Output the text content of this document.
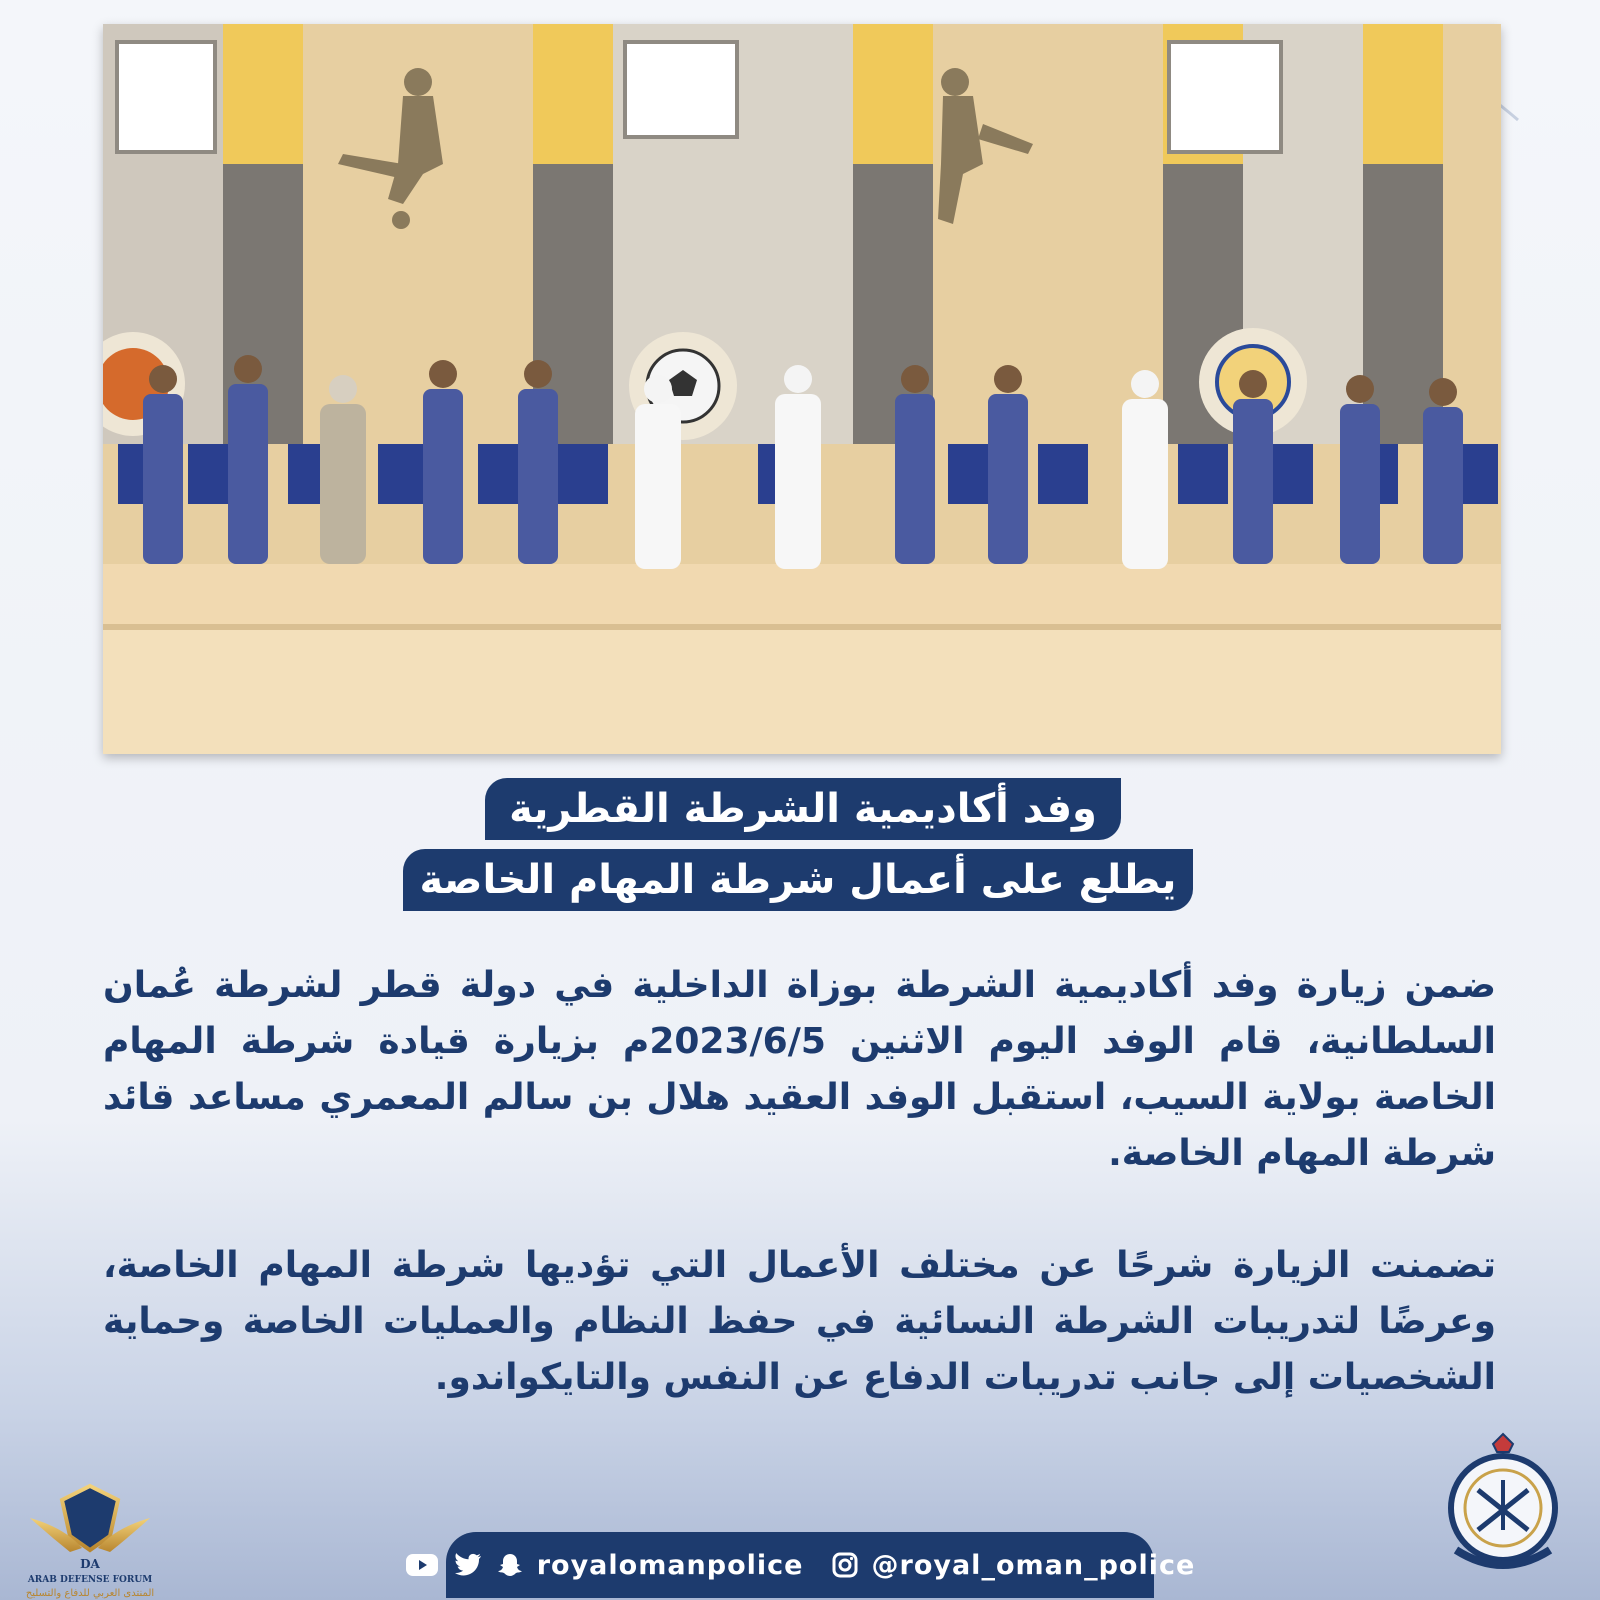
وفد أكاديمية الشرطة القطرية
يطلع على أعمال شرطة المهام الخاصة
ضمن زيارة وفد أكاديمية الشرطة بوزاة الداخلية في دولة قطر لشرطة عُمان السلطانية، قام الوفد اليوم الاثنين 2023/6/5م بزيارة قيادة شرطة المهام الخاصة بولاية السيب، استقبل الوفد العقيد هلال بن سالم المعمري مساعد قائد شرطة المهام الخاصة.
تضمنت الزيارة شرحًا عن مختلف الأعمال التي تؤديها شرطة المهام الخاصة، وعرضًا لتدريبات الشرطة النسائية في حفظ النظام والعمليات الخاصة وحماية الشخصيات إلى جانب تدريبات الدفاع عن النفس والتايكواندو.
DA
ARAB DEFENSE FORUM
المنتدى العربي للدفاع والتسليح
royalomanpolice	@royal_oman_police
